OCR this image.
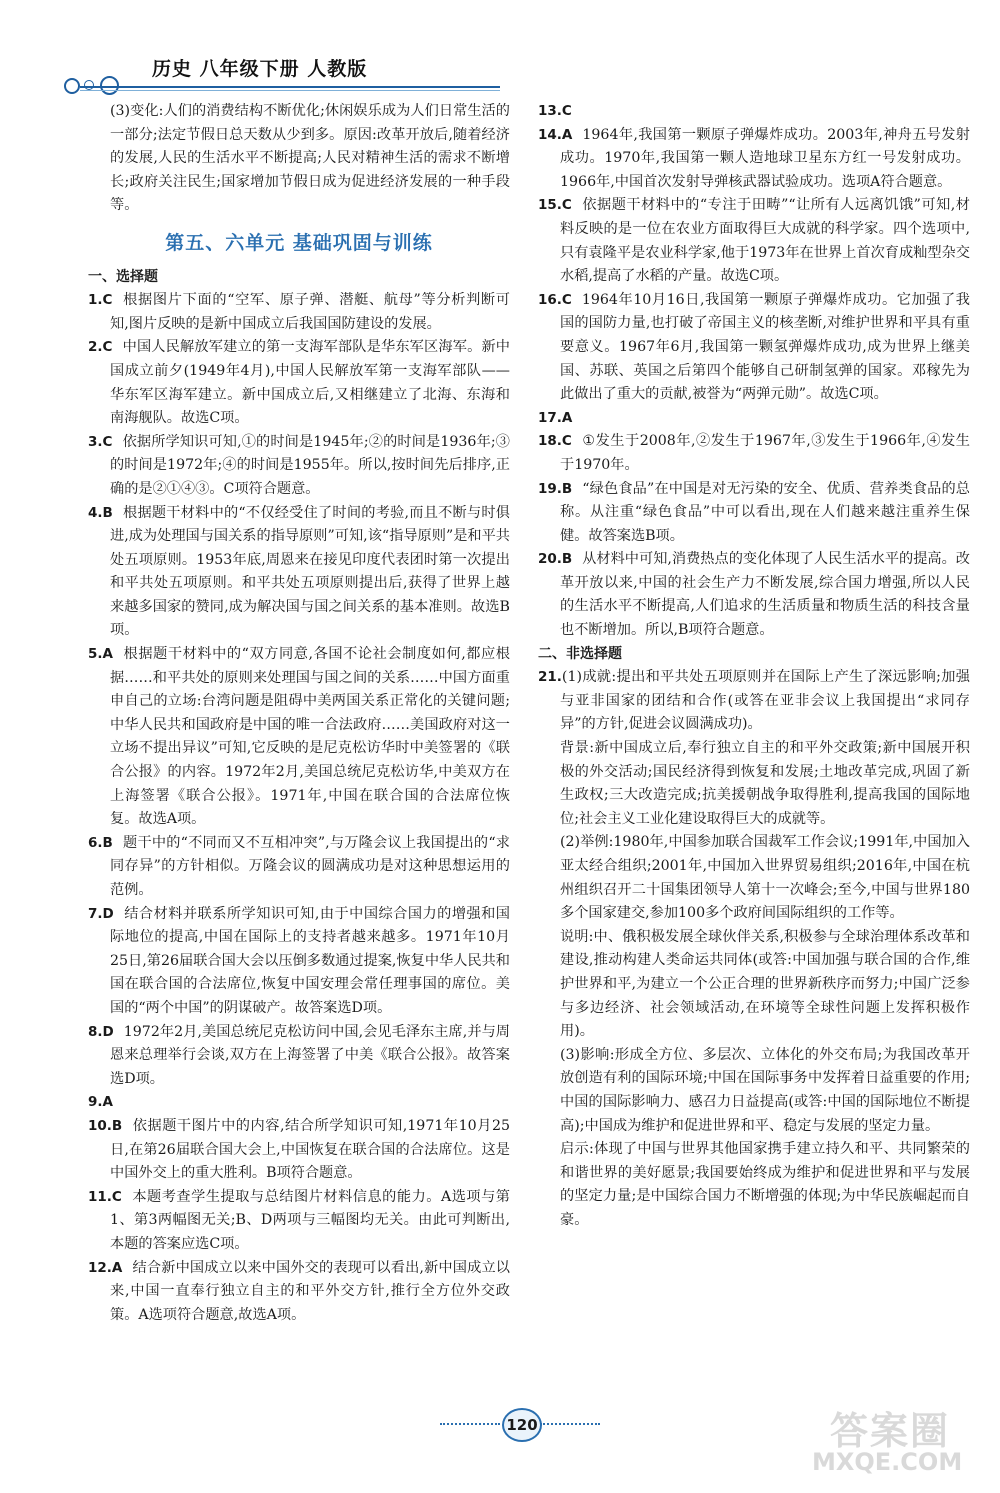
历史 八年级下册 人教版

(3)变化:人们的消费结构不断优化;休闲娱乐成为人们日常生活的一部分;法定节假日总天数从少到多。原因:改革开放后,随着经济的发展,人民的生活水平不断提高;人民对精神生活的需求不断增长;政府关注民生;国家增加节假日成为促进经济发展的一种手段等。

第五、六单元 基础巩固与训练

一、选择题

1.C 根据图片下面的“空军、原子弹、潜艇、航母”等分析判断可知,图片反映的是新中国成立后我国国防建设的发展。

2.C 中国人民解放军建立的第一支海军部队是华东军区海军。新中国成立前夕(1949年4月),中国人民解放军第一支海军部队——华东军区海军建立。新中国成立后,又相继建立了北海、东海和南海舰队。故选C项。

3.C 依据所学知识可知,①的时间是1945年;②的时间是1936年;③的时间是1972年;④的时间是1955年。所以,按时间先后排序,正确的是②①④③。C项符合题意。

4.B 根据题干材料中的“不仅经受住了时间的考验,而且不断与时俱进,成为处理国与国关系的指导原则”可知,该“指导原则”是和平共处五项原则。1953年底,周恩来在接见印度代表团时第一次提出和平共处五项原则。和平共处五项原则提出后,获得了世界上越来越多国家的赞同,成为解决国与国之间关系的基本准则。故选B项。

5.A 根据题干材料中的“双方同意,各国不论社会制度如何,都应根据……和平共处的原则来处理国与国之间的关系……中国方面重申自己的立场:台湾问题是阻碍中美两国关系正常化的关键问题;中华人民共和国政府是中国的唯一合法政府……美国政府对这一立场不提出异议”可知,它反映的是尼克松访华时中美签署的《联合公报》的内容。1972年2月,美国总统尼克松访华,中美双方在上海签署《联合公报》。1971年,中国在联合国的合法席位恢复。故选A项。

6.B 题干中的“不同而又不互相冲突”,与万隆会议上我国提出的“求同存异”的方针相似。万隆会议的圆满成功是对这种思想运用的范例。

7.D 结合材料并联系所学知识可知,由于中国综合国力的增强和国际地位的提高,中国在国际上的支持者越来越多。1971年10月25日,第26届联合国大会以压倒多数通过提案,恢复中华人民共和国在联合国的合法席位,恢复中国安理会常任理事国的席位。美国的“两个中国”的阴谋破产。故答案选D项。

8.D 1972年2月,美国总统尼克松访问中国,会见毛泽东主席,并与周恩来总理举行会谈,双方在上海签署了中美《联合公报》。故答案选D项。

9.A

10.B 依据题干图片中的内容,结合所学知识可知,1971年10月25日,在第26届联合国大会上,中国恢复在联合国的合法席位。这是中国外交上的重大胜利。B项符合题意。

11.C 本题考查学生提取与总结图片材料信息的能力。A选项与第1、第3两幅图无关;B、D两项与三幅图均无关。由此可判断出,本题的答案应选C项。

12.A 结合新中国成立以来中国外交的表现可以看出,新中国成立以来,中国一直奉行独立自主的和平外交方针,推行全方位外交政策。A选项符合题意,故选A项。

13.C

14.A 1964年,我国第一颗原子弹爆炸成功。2003年,神舟五号发射成功。1970年,我国第一颗人造地球卫星东方红一号发射成功。1966年,中国首次发射导弹核武器试验成功。选项A符合题意。

15.C 依据题干材料中的“专注于田畴”“让所有人远离饥饿”可知,材料反映的是一位在农业方面取得巨大成就的科学家。四个选项中,只有袁隆平是农业科学家,他于1973年在世界上首次育成籼型杂交水稻,提高了水稻的产量。故选C项。

16.C 1964年10月16日,我国第一颗原子弹爆炸成功。它加强了我国的国防力量,也打破了帝国主义的核垄断,对维护世界和平具有重要意义。1967年6月,我国第一颗氢弹爆炸成功,成为世界上继美国、苏联、英国之后第四个能够自己研制氢弹的国家。邓稼先为此做出了重大的贡献,被誉为“两弹元勋”。故选C项。

17.A

18.C ①发生于2008年,②发生于1967年,③发生于1966年,④发生于1970年。

19.B “绿色食品”在中国是对无污染的安全、优质、营养类食品的总称。从注重“绿色食品”中可以看出,现在人们越来越注重养生保健。故答案选B项。

20.B 从材料中可知,消费热点的变化体现了人民生活水平的提高。改革开放以来,中国的社会生产力不断发展,综合国力增强,所以人民的生活水平不断提高,人们追求的生活质量和物质生活的科技含量也不断增加。所以,B项符合题意。

二、非选择题

21.(1)成就:提出和平共处五项原则并在国际上产生了深远影响;加强与亚非国家的团结和合作(或答在亚非会议上我国提出“求同存异”的方针,促进会议圆满成功)。

背景:新中国成立后,奉行独立自主的和平外交政策;新中国展开积极的外交活动;国民经济得到恢复和发展;土地改革完成,巩固了新生政权;三大改造完成;抗美援朝战争取得胜利,提高我国的国际地位;社会主义工业化建设取得巨大的成就等。

(2)举例:1980年,中国参加联合国裁军工作会议;1991年,中国加入亚太经合组织;2001年,中国加入世界贸易组织;2016年,中国在杭州组织召开二十国集团领导人第十一次峰会;至今,中国与世界180多个国家建交,参加100多个政府间国际组织的工作等。

说明:中、俄积极发展全球伙伴关系,积极参与全球治理体系改革和建设,推动构建人类命运共同体(或答:中国加强与联合国的合作,维护世界和平,为建立一个公正合理的世界新秩序而努力;中国广泛参与多边经济、社会领域活动,在环境等全球性问题上发挥积极作用)。

(3)影响:形成全方位、多层次、立体化的外交布局;为我国改革开放创造有利的国际环境;中国在国际事务中发挥着日益重要的作用;中国的国际影响力、感召力日益提高(或答:中国的国际地位不断提高);中国成为维护和促进世界和平、稳定与发展的坚定力量。

启示:体现了中国与世界其他国家携手建立持久和平、共同繁荣的和谐世界的美好愿景;我国要始终成为维护和促进世界和平与发展的坚定力量;是中国综合国力不断增强的体现;为中华民族崛起而自豪。

120	答案圈
MXQE.COM
